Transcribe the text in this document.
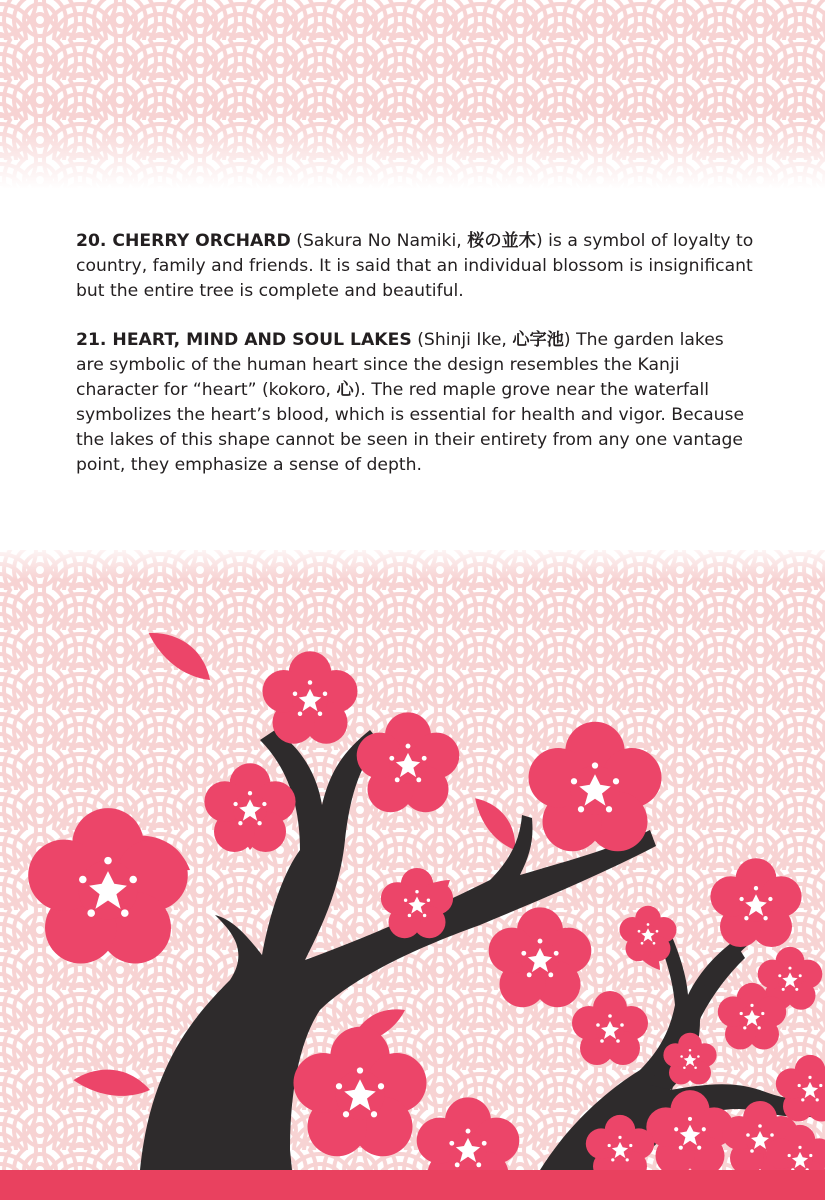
20. CHERRY ORCHARD (Sakura No Namiki, 桜の並木) is a symbol of loyalty to country, family and friends. It is said that an individual blossom is insignificant but the entire tree is complete and beautiful.

21. HEART, MIND AND SOUL LAKES (Shinji Ike, 心字池) The garden lakes are symbolic of the human heart since the design resembles the Kanji character for “heart” (kokoro, 心). The red maple grove near the waterfall symbolizes the heart’s blood, which is essential for health and vigor. Because the lakes of this shape cannot be seen in their entirety from any one vantage point, they emphasize a sense of depth.
